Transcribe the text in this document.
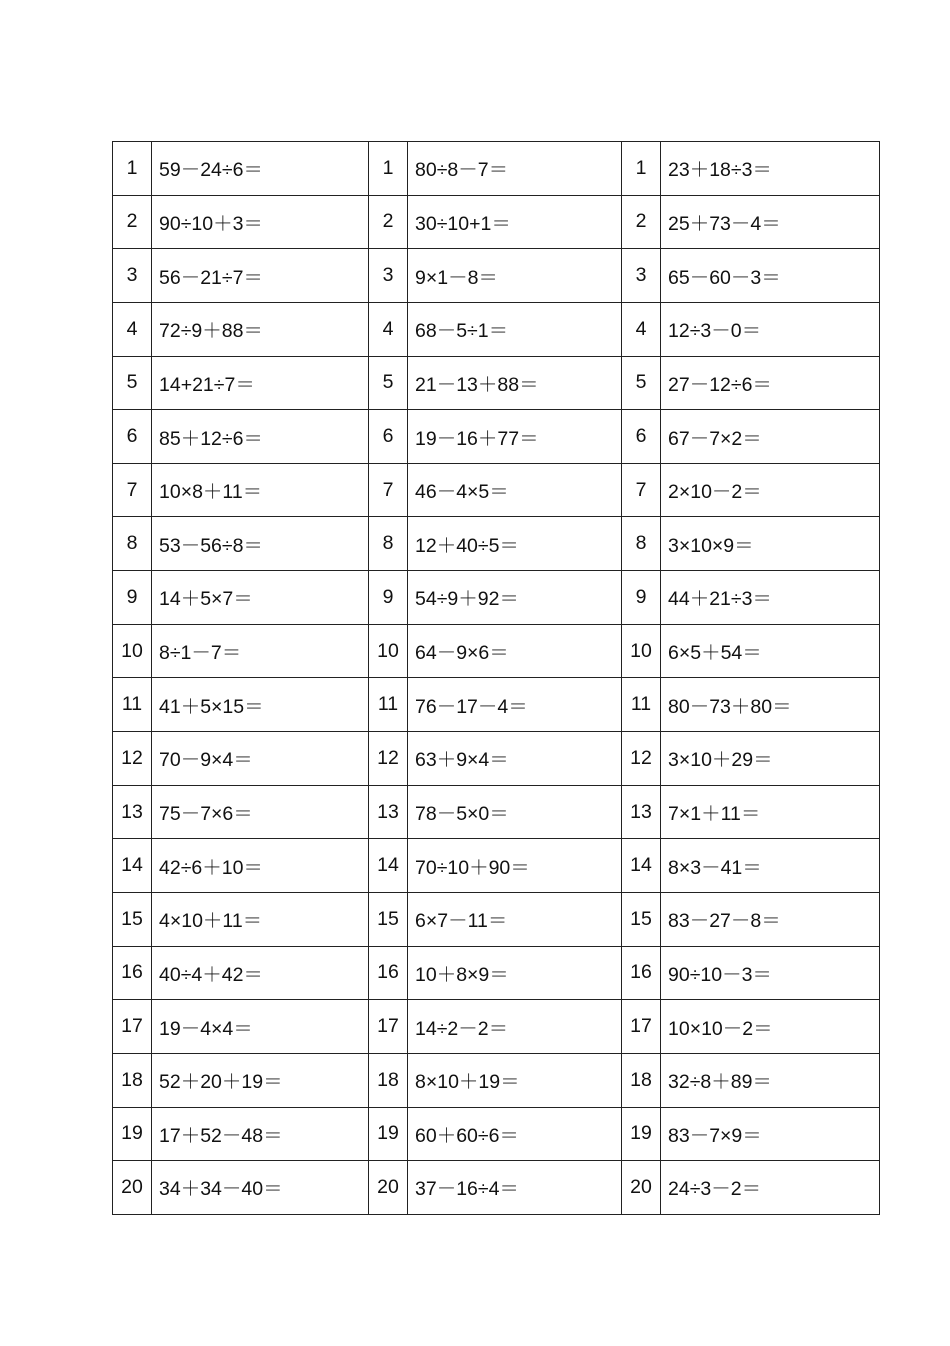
1	59－24÷6＝	1	80÷8－7＝	1	23＋18÷3＝
2	90÷10＋3＝	2	30÷10+1＝	2	25＋73－4＝
3	56－21÷7＝	3	9×1－8＝	3	65－60－3＝
4	72÷9＋88＝	4	68－5÷1＝	4	12÷3－0＝
5	14+21÷7＝	5	21－13＋88＝	5	27－12÷6＝
6	85＋12÷6＝	6	19－16＋77＝	6	67－7×2＝
7	10×8＋11＝	7	46－4×5＝	7	2×10－2＝
8	53－56÷8＝	8	12＋40÷5＝	8	3×10×9＝
9	14＋5×7＝	9	54÷9＋92＝	9	44＋21÷3＝
10	8÷1－7＝	10	64－9×6＝	10	6×5＋54＝
11	41＋5×15＝	11	76－17－4＝	11	80－73＋80＝
12	70－9×4＝	12	63＋9×4＝	12	3×10＋29＝
13	75－7×6＝	13	78－5×0＝	13	7×1＋11＝
14	42÷6＋10＝	14	70÷10＋90＝	14	8×3－41＝
15	4×10＋11＝	15	6×7－11＝	15	83－27－8＝
16	40÷4＋42＝	16	10＋8×9＝	16	90÷10－3＝
17	19－4×4＝	17	14÷2－2＝	17	10×10－2＝
18	52＋20＋19＝	18	8×10＋19＝	18	32÷8＋89＝
19	17＋52－48＝	19	60＋60÷6＝	19	83－7×9＝
20	34＋34－40＝	20	37－16÷4＝	20	24÷3－2＝
